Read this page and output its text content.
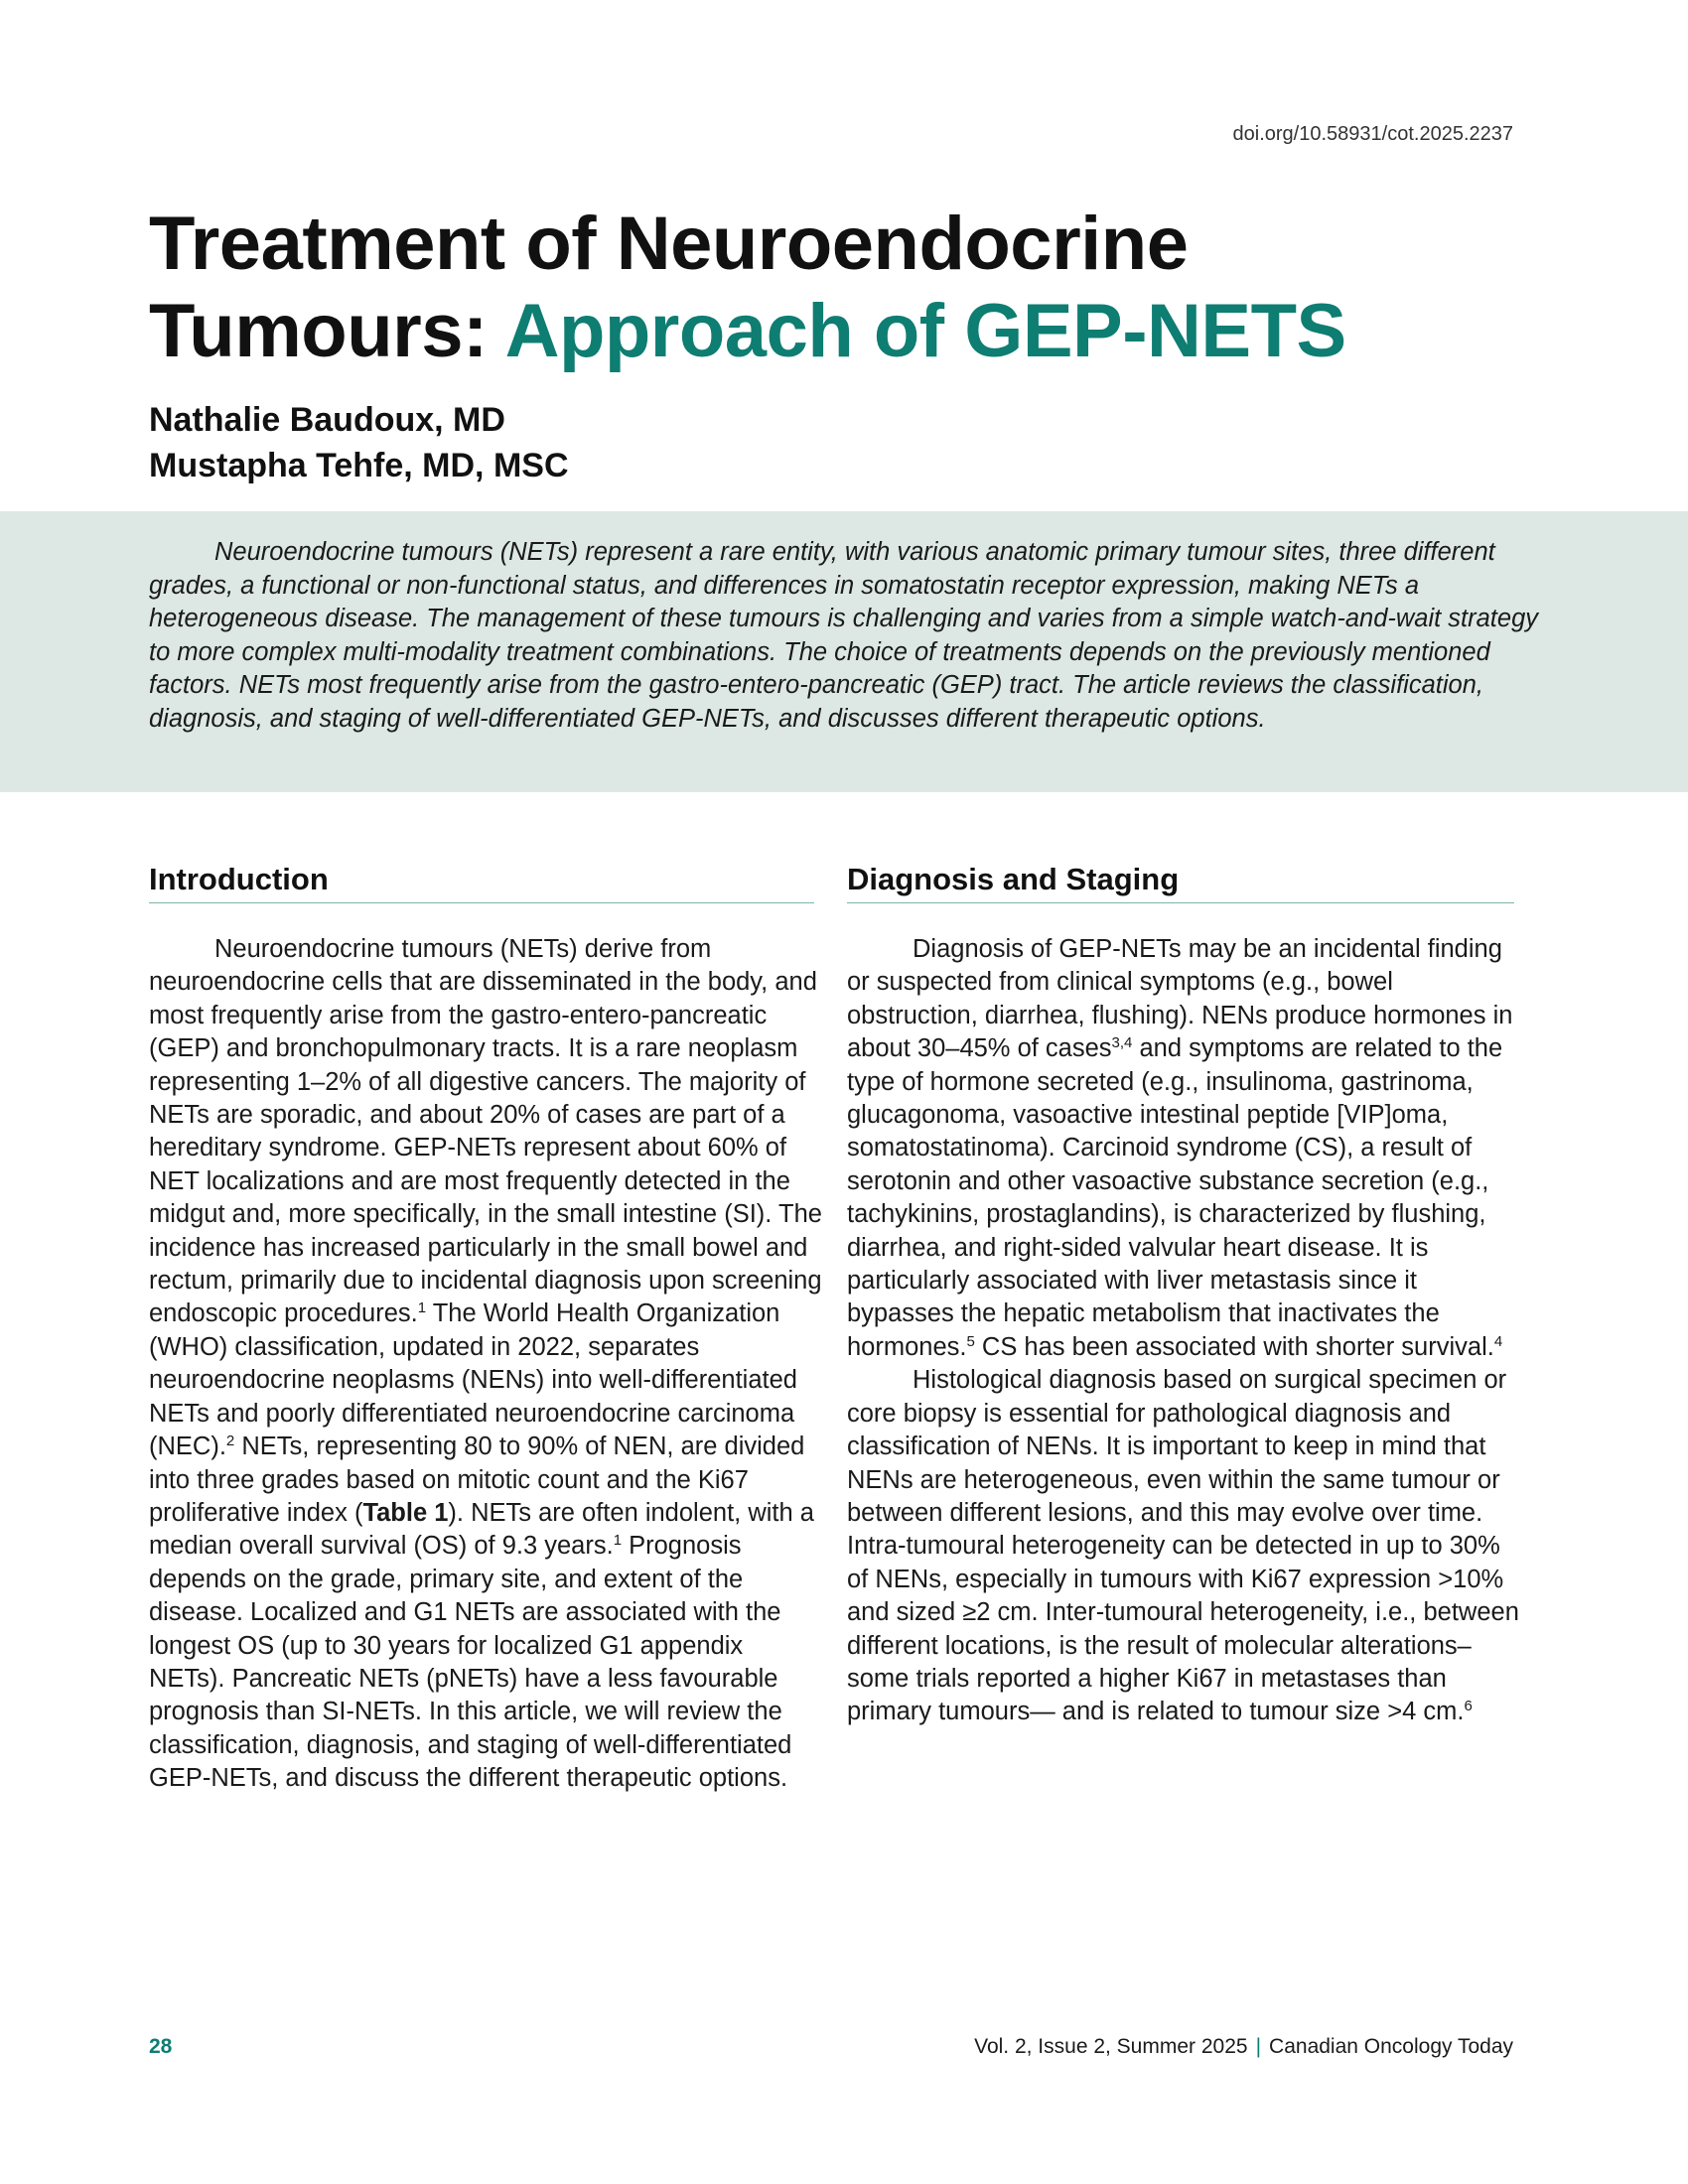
doi.org/10.58931/cot.2025.2237
Treatment of Neuroendocrine
Tumours: Approach of GEP-NETS
Nathalie Baudoux, MD
Mustapha Tehfe, MD, MSC

Neuroendocrine tumours (NETs) represent a rare entity, with various anatomic primary tumour sites, three different grades, a functional or non-functional status, and differences in somatostatin receptor expression, making NETs a heterogeneous disease. The management of these tumours is challenging and varies from a simple watch-and-wait strategy to more complex multi-modality treatment combinations. The choice of treatments depends on the previously mentioned factors. NETs most frequently arise from the gastro-entero-pancreatic (GEP) tract. The article reviews the classification, diagnosis, and staging of well-differentiated GEP-NETs, and discusses different therapeutic options.

Introduction

Neuroendocrine tumours (NETs) derive from neuroendocrine cells that are disseminated in the body, and most frequently arise from the gastro-entero-pancreatic (GEP) and bronchopulmonary tracts. It is a rare neoplasm representing 1–2% of all digestive cancers. The majority of NETs are sporadic, and about 20% of cases are part of a hereditary syndrome. GEP-NETs represent about 60% of NET localizations and are most frequently detected in the midgut and, more specifically, in the small intestine (SI). The incidence has increased particularly in the small bowel and rectum, primarily due to incidental diagnosis upon screening endoscopic procedures.$^1$ The World Health Organization (WHO) classification, updated in 2022, separates neuroendocrine neoplasms (NENs) into well-differentiated NETs and poorly differentiated neuroendocrine carcinoma (NEC).$^2$ NETs, representing 80 to 90% of NEN, are divided into three grades based on mitotic count and the Ki67 proliferative index (Table 1). NETs are often indolent, with a median overall survival (OS) of 9.3 years.$^1$ Prognosis depends on the grade, primary site, and extent of the disease. Localized and G1 NETs are associated with the longest OS (up to 30 years for localized G1 appendix NETs). Pancreatic NETs (pNETs) have a less favourable prognosis than SI-NETs. In this article, we will review the classification, diagnosis, and staging of well-differentiated GEP-NETs, and discuss the different therapeutic options.

Diagnosis and Staging

Diagnosis of GEP-NETs may be an incidental finding or suspected from clinical symptoms (e.g., bowel obstruction, diarrhea, flushing). NENs produce hormones in about 30–45% of cases$^{3,4}$ and symptoms are related to the type of hormone secreted (e.g., insulinoma, gastrinoma, glucagonoma, vasoactive intestinal peptide [VIP]oma, somatostatinoma). Carcinoid syndrome (CS), a result of serotonin and other vasoactive substance secretion (e.g., tachykinins, prostaglandins), is characterized by flushing, diarrhea, and right-sided valvular heart disease. It is particularly associated with liver metastasis since it bypasses the hepatic metabolism that inactivates the hormones.$^5$ CS has been associated with shorter survival.$^4$

Histological diagnosis based on surgical specimen or core biopsy is essential for pathological diagnosis and classification of NENs. It is important to keep in mind that NENs are heterogeneous, even within the same tumour or between different lesions, and this may evolve over time. Intra-tumoural heterogeneity can be detected in up to 30% of NENs, especially in tumours with Ki67 expression >10% and sized ≥2 cm. Inter-tumoural heterogeneity, i.e., between different locations, is the result of molecular alterations–some trials reported a higher Ki67 in metastases than primary tumours— and is related to tumour size >4 cm.$^6$

28	Vol. 2, Issue 2, Summer 2025 | Canadian Oncology Today
